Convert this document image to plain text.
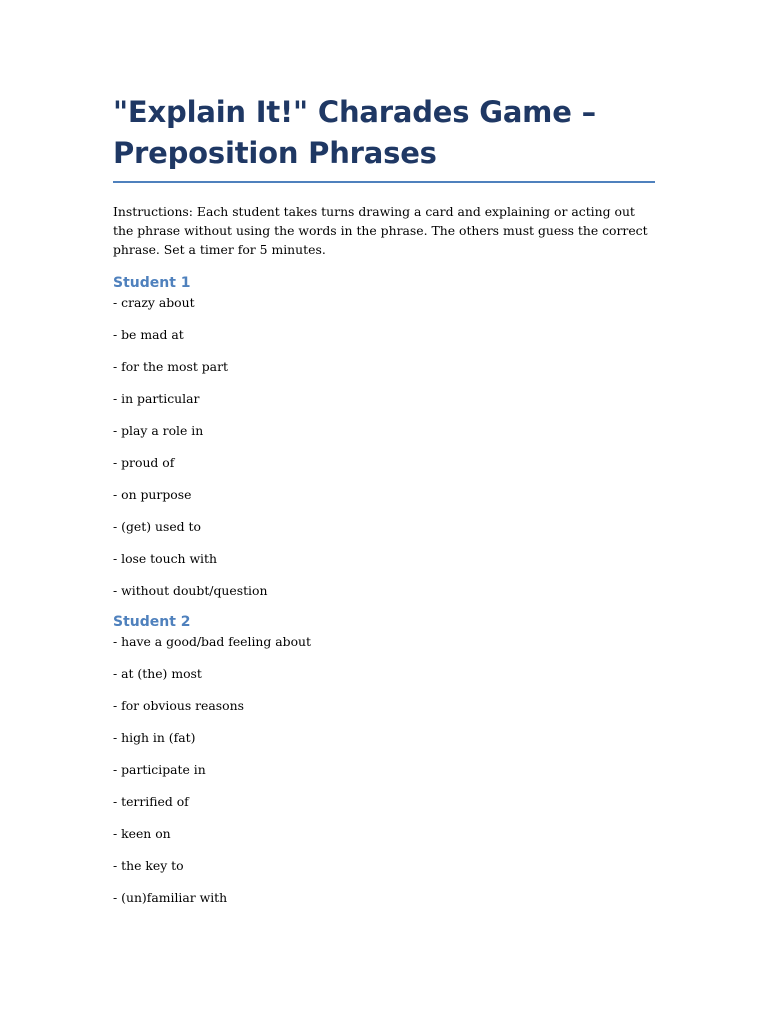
"Explain It!" Charades Game – Preposition Phrases

Instructions: Each student takes turns drawing a card and explaining or acting out the phrase without using the words in the phrase. The others must guess the correct phrase. Set a timer for 5 minutes.

Student 1
- crazy about
- be mad at
- for the most part
- in particular
- play a role in
- proud of
- on purpose
- (get) used to
- lose touch with
- without doubt/question
Student 2
- have a good/bad feeling about
- at (the) most
- for obvious reasons
- high in (fat)
- participate in
- terrified of
- keen on
- the key to
- (un)familiar with
